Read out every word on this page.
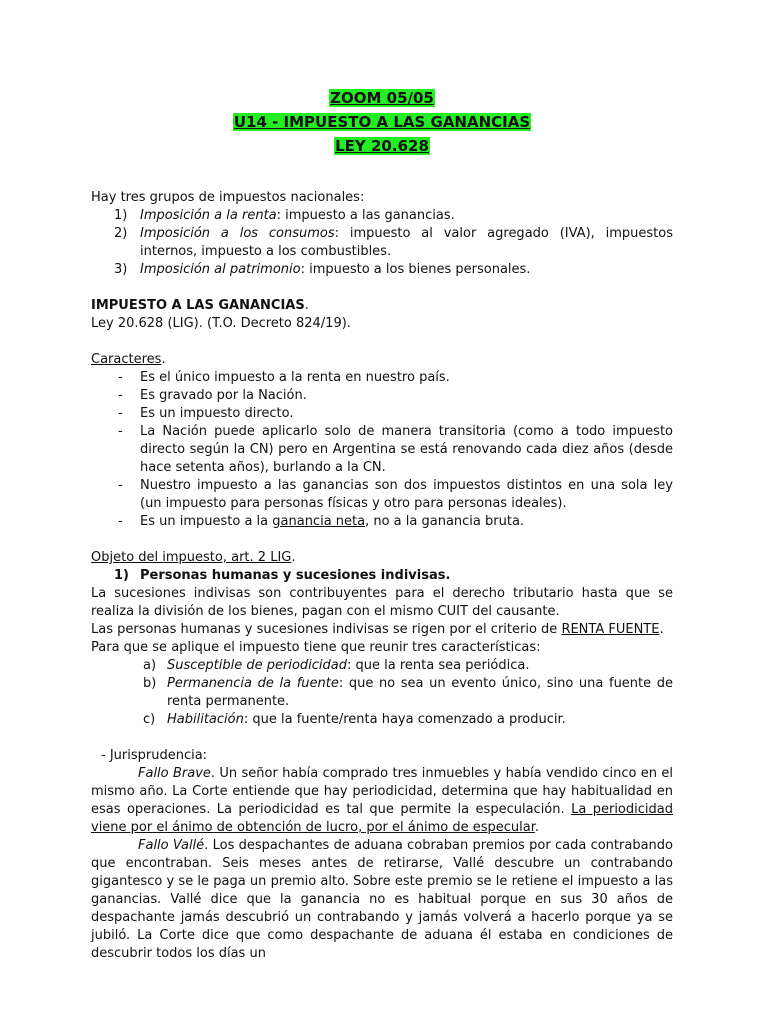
ZOOM 05/05
U14 - IMPUESTO A LAS GANANCIAS
LEY 20.628

Hay tres grupos de impuestos nacionales:

1) Imposición a la renta: impuesto a las ganancias.
2) Imposición a los consumos: impuesto al valor agregado (IVA), impuestos internos, impuesto a los combustibles.
3) Imposición al patrimonio: impuesto a los bienes personales.

IMPUESTO A LAS GANANCIAS.

Ley 20.628 (LIG). (T.O. Decreto 824/19).

Caracteres.

- Es el único impuesto a la renta en nuestro país.
- Es gravado por la Nación.
- Es un impuesto directo.
- La Nación puede aplicarlo solo de manera transitoria (como a todo impuesto directo según la CN) pero en Argentina se está renovando cada diez años (desde hace setenta años), burlando a la CN.
- Nuestro impuesto a las ganancias son dos impuestos distintos en una sola ley (un impuesto para personas físicas y otro para personas ideales).
- Es un impuesto a la ganancia neta, no a la ganancia bruta.

Objeto del impuesto, art. 2 LIG.

1) Personas humanas y sucesiones indivisas.

La sucesiones indivisas son contribuyentes para el derecho tributario hasta que se realiza la división de los bienes, pagan con el mismo CUIT del causante.

Las personas humanas y sucesiones indivisas se rigen por el criterio de RENTA FUENTE.

Para que se aplique el impuesto tiene que reunir tres características:

a) Susceptible de periodicidad: que la renta sea periódica.
b) Permanencia de la fuente: que no sea un evento único, sino una fuente de renta permanente.
c) Habilitación: que la fuente/renta haya comenzado a producir.

- Jurisprudencia:

Fallo Brave. Un señor había comprado tres inmuebles y había vendido cinco en el mismo año. La Corte entiende que hay periodicidad, determina que hay habitualidad en esas operaciones. La periodicidad es tal que permite la especulación. La periodicidad viene por el ánimo de obtención de lucro, por el ánimo de especular.

Fallo Vallé. Los despachantes de aduana cobraban premios por cada contrabando que encontraban. Seis meses antes de retirarse, Vallé descubre un contrabando gigantesco y se le paga un premio alto. Sobre este premio se le retiene el impuesto a las ganancias. Vallé dice que la ganancia no es habitual porque en sus 30 años de despachante jamás descubrió un contrabando y jamás volverá a hacerlo porque ya se jubiló. La Corte dice que como despachante de aduana él estaba en condiciones de descubrir todos los días un
